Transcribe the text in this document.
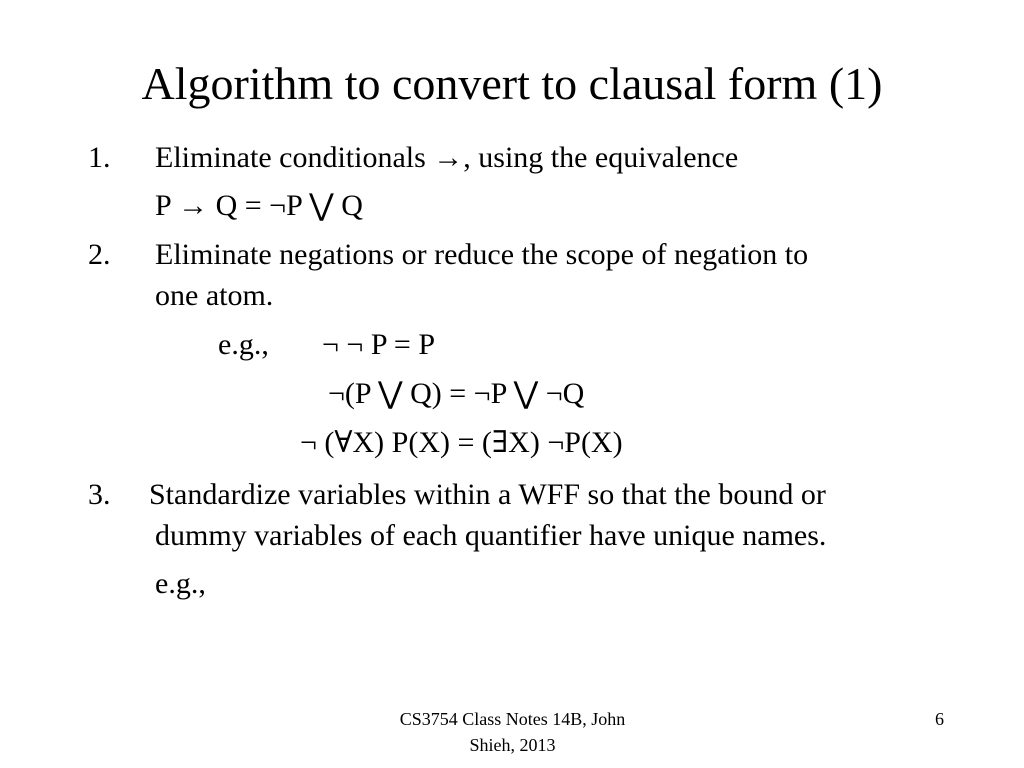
Algorithm to convert to clausal form (1)
1. Eliminate conditionals →, using the equivalence
P → Q = ¬P ⋁ Q
2. Eliminate negations or reduce the scope of negation to
one atom.
e.g., ¬ ¬ P = P
¬(P ⋁ Q) = ¬P ⋁ ¬Q
¬ (∀X) P(X) = (∃X) ¬P(X)
3. Standardize variables within a WFF so that the bound or
dummy variables of each quantifier have unique names.
e.g.,
CS3754 Class Notes 14B, John
Shieh, 2013
6
